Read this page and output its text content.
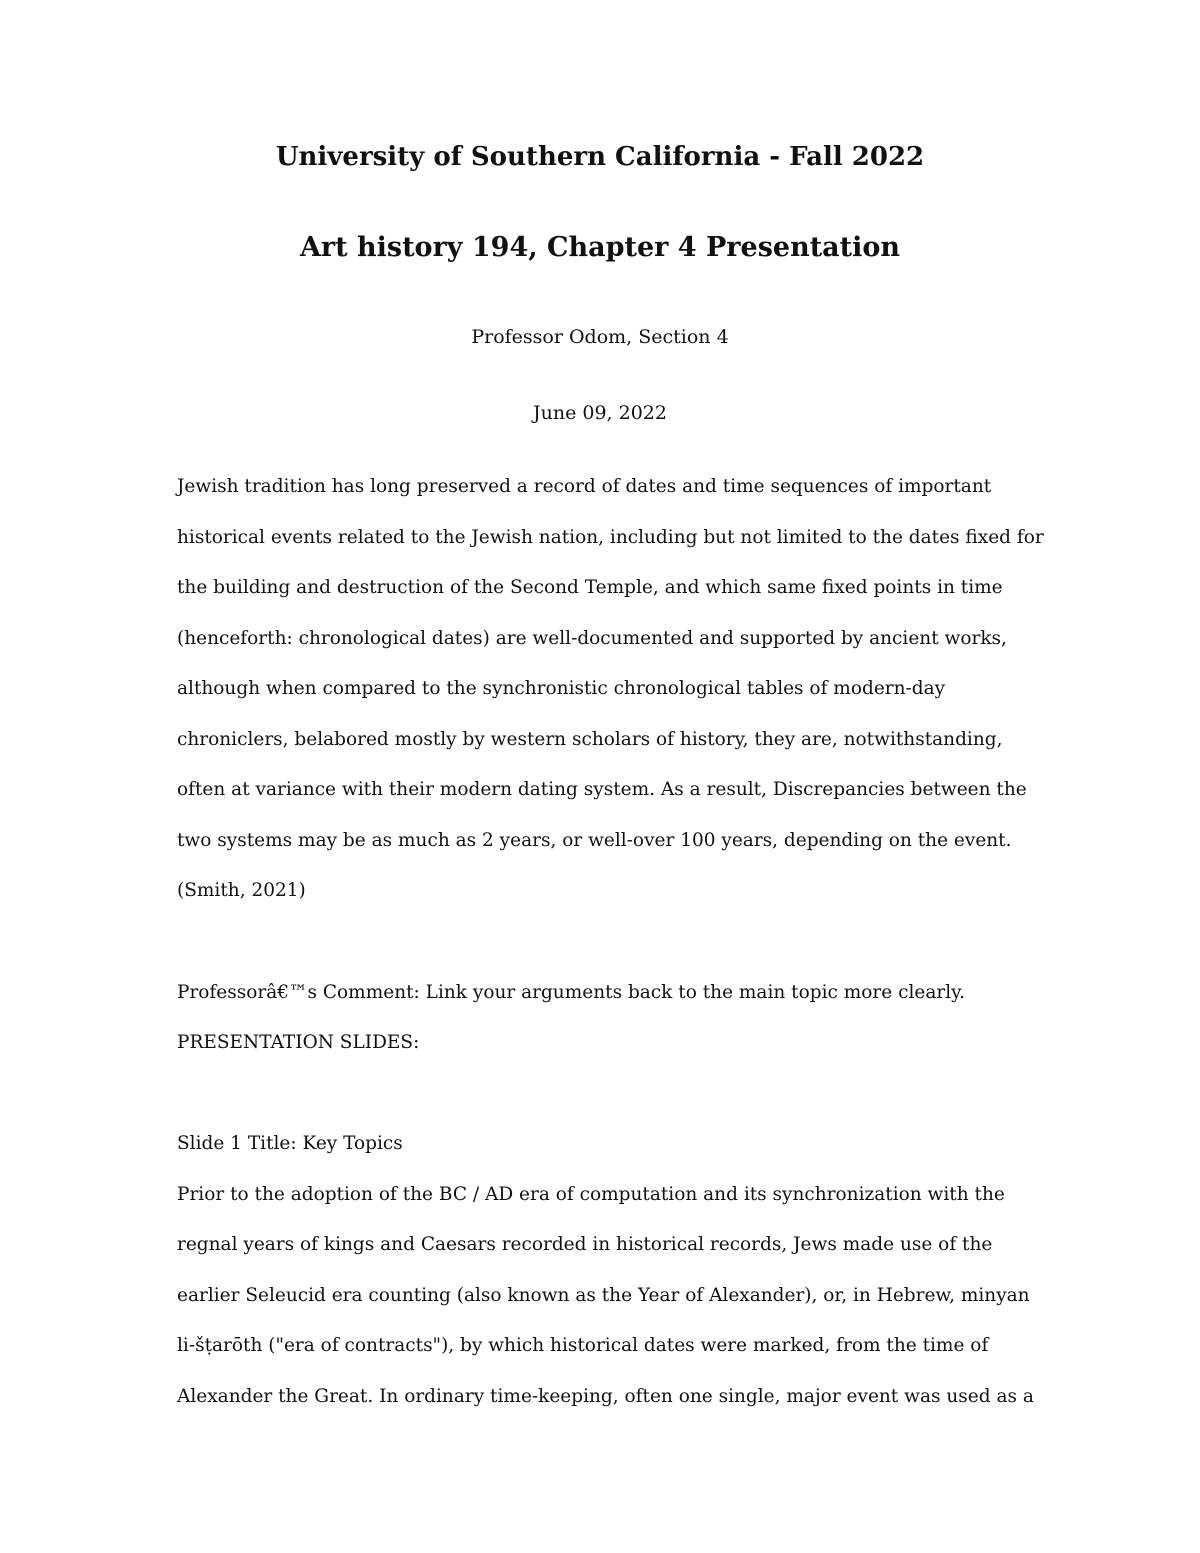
University of Southern California - Fall 2022
Art history 194, Chapter 4 Presentation
Professor Odom, Section 4
June 09, 2022
Jewish tradition has long preserved a record of dates and time sequences of important
historical events related to the Jewish nation, including but not limited to the dates fixed for
the building and destruction of the Second Temple, and which same fixed points in time
(henceforth: chronological dates) are well-documented and supported by ancient works,
although when compared to the synchronistic chronological tables of modern-day
chroniclers, belabored mostly by western scholars of history, they are, notwithstanding,
often at variance with their modern dating system. As a result, Discrepancies between the
two systems may be as much as 2 years, or well-over 100 years, depending on the event.
(Smith, 2021)
Professorâ€™s Comment: Link your arguments back to the main topic more clearly.
PRESENTATION SLIDES:
Slide 1 Title: Key Topics
Prior to the adoption of the BC / AD era of computation and its synchronization with the
regnal years of kings and Caesars recorded in historical records, Jews made use of the
earlier Seleucid era counting (also known as the Year of Alexander), or, in Hebrew, minyan
li-šṭarōth ("era of contracts"), by which historical dates were marked, from the time of
Alexander the Great. In ordinary time-keeping, often one single, major event was used as a
